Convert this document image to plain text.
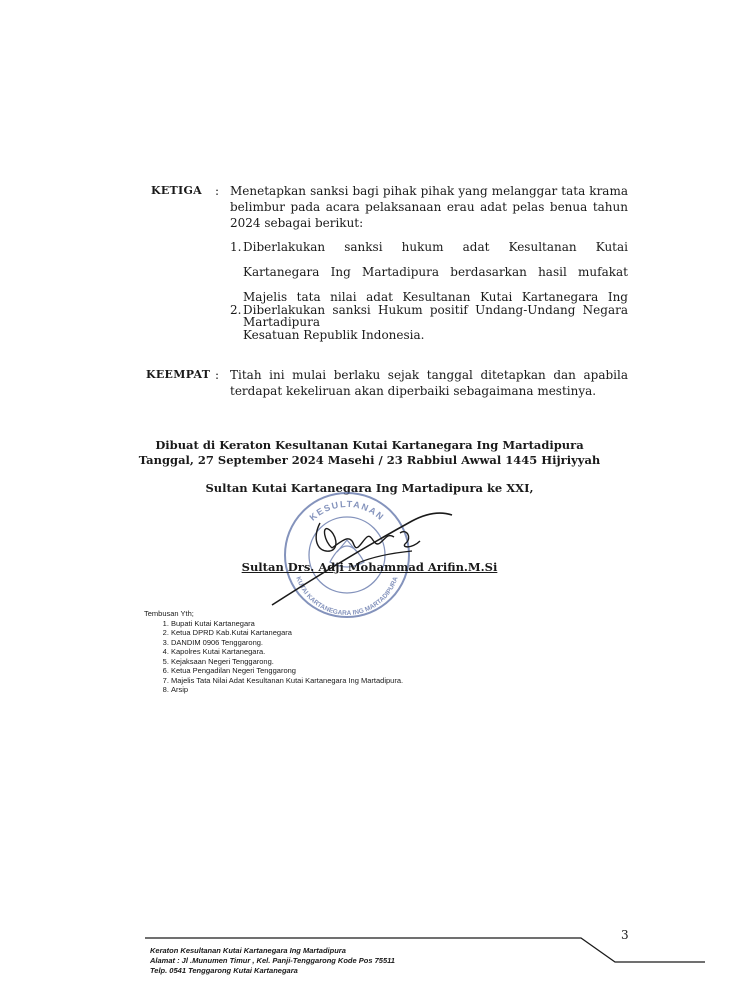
KETIGA : Menetapkan sanksi bagi pihak pihak yang melanggar tata krama belimbur pada acara pelaksanaan erau adat pelas benua tahun 2024 sebagai berikut:
1. Diberlakukan sanksi hukum adat Kesultanan Kutai Kartanegara Ing Martadipura berdasarkan hasil mufakat Majelis tata nilai adat Kesultanan Kutai Kartanegara Ing Martadipura
2. Diberlakukan sanksi Hukum positif Undang-Undang Negara Kesatuan Republik Indonesia.
KEEMPAT : Titah ini mulai berlaku sejak tanggal ditetapkan dan apabila terdapat kekeliruan akan diperbaiki sebagaimana mestinya.
Dibuat di Keraton Kesultanan Kutai Kartanegara Ing Martadipura
Tanggal, 27 September 2024 Masehi / 23 Rabbiul Awwal 1445 Hijriyyah
Sultan Kutai Kartanegara Ing Martadipura ke XXI,
KESULTANAN
KUTAI KARTANEGARA ING MARTADIPURA
Sultan Drs. Adji Mohammad Arifin.M.Si
Tembusan Yth;
1. Bupati Kutai Kartanegara
2. Ketua DPRD Kab.Kutai Kartanegara
3. DANDIM 0906 Tenggarong.
4. Kapolres Kutai Kartanegara.
5. Kejaksaan Negeri Tenggarong.
6. Ketua Pengadilan Negeri Tenggarong
7. Majelis Tata Nilai Adat Kesultanan Kutai Kartanegara Ing Martadipura.
8. Arsip
3
Keraton Kesultanan Kutai Kartanegara Ing Martadipura
Alamat : Jl .Munumen Timur , Kel. Panji-Tenggarong Kode Pos 75511
Telp. 0541 Tenggarong Kutai Kartanegara
